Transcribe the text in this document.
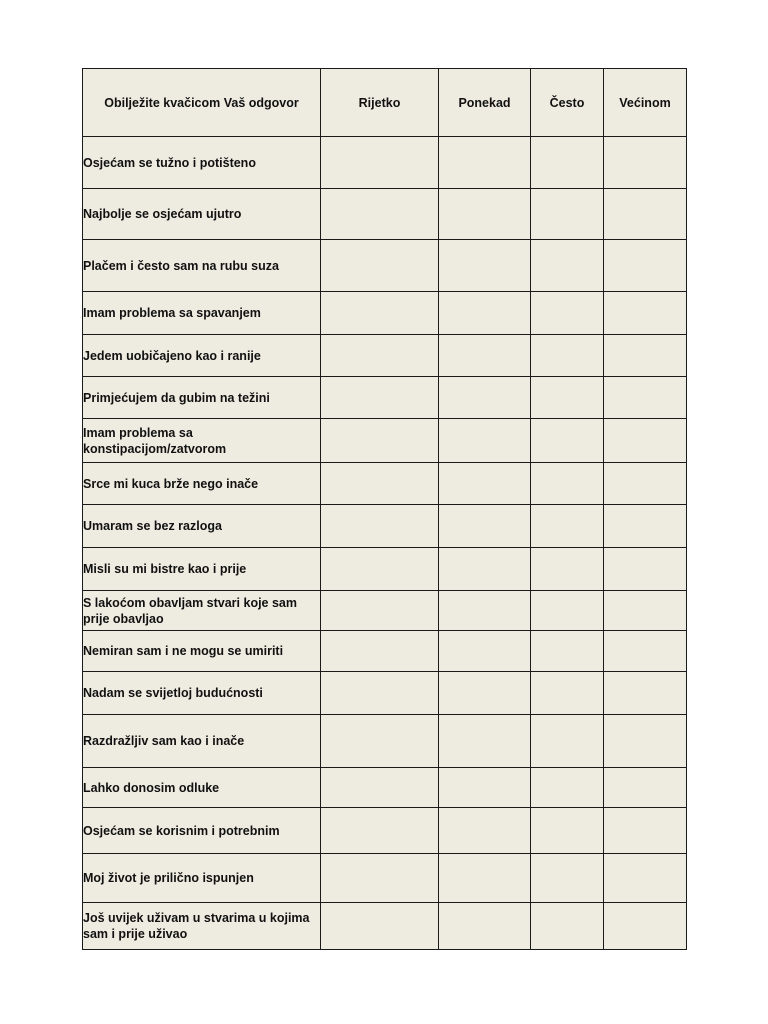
Obilježite kvačicom Vaš odgovor	Rijetko	Ponekad	Često	Većinom
Osjećam se tužno i potišteno				
Najbolje se osjećam ujutro				
Plačem i često sam na rubu suza				
Imam problema sa spavanjem				
Jedem uobičajeno kao i ranije				
Primjećujem da gubim na težini				
Imam problema sa konstipacijom/zatvorom				
Srce mi kuca brže nego inače				
Umaram se bez razloga				
Misli su mi bistre kao i prije				
S lakoćom obavljam stvari koje sam prije obavljao				
Nemiran sam i ne mogu se umiriti				
Nadam se svijetloj budućnosti				
Razdražljiv sam kao i inače				
Lahko donosim odluke				
Osjećam se korisnim i potrebnim				
Moj život je prilično ispunjen				
Još uvijek uživam u stvarima u kojima sam i prije uživao				
